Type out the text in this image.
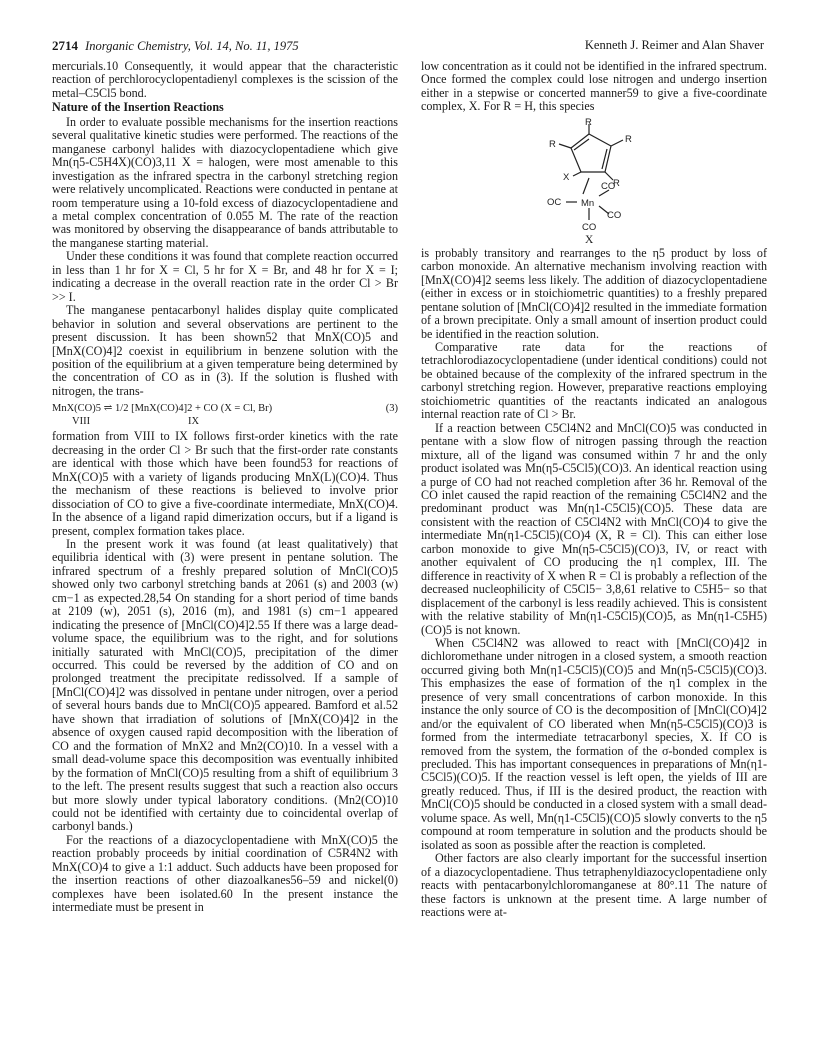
2714 Inorganic Chemistry, Vol. 14, No. 11, 1975	Kenneth J. Reimer and Alan Shaver

mercurials.10 Consequently, it would appear that the characteristic reaction of perchlorocyclopentadienyl complexes is the scission of the metal–C5Cl5 bond.

Nature of the Insertion Reactions

In order to evaluate possible mechanisms for the insertion reactions several qualitative kinetic studies were performed. The reactions of the manganese carbonyl halides with diazocyclopentadiene which give Mn(η5-C5H4X)(CO)3,11 X = halogen, were most amenable to this investigation as the infrared spectra in the carbonyl stretching region were relatively uncomplicated. Reactions were conducted in pentane at room temperature using a 10-fold excess of diazocyclopentadiene and a metal complex concentration of 0.055 M. The rate of the reaction was monitored by observing the disappearance of bands attributable to the manganese starting material.

Under these conditions it was found that complete reaction occurred in less than 1 hr for X = Cl, 5 hr for X = Br, and 48 hr for X = I; indicating a decrease in the overall reaction rate in the order Cl > Br >> I.

The manganese pentacarbonyl halides display quite complicated behavior in solution and several observations are pertinent to the present discussion. It has been shown52 that MnX(CO)5 and [MnX(CO)4]2 coexist in equilibrium in benzene solution with the position of the equilibrium at a given temperature being determined by the concentration of CO as in (3). If the solution is flushed with nitrogen, the trans-

MnX(CO)5 ⇌ 1/2 [MnX(CO)4]2 + CO (X = Cl, Br)	(3)
VIII	IX

formation from VIII to IX follows first-order kinetics with the rate decreasing in the order Cl > Br such that the first-order rate constants are identical with those which have been found53 for reactions of MnX(CO)5 with a variety of ligands producing MnX(L)(CO)4. Thus the mechanism of these reactions is believed to involve prior dissociation of CO to give a five-coordinate intermediate, MnX(CO)4. In the absence of a ligand rapid dimerization occurs, but if a ligand is present, complex formation takes place.

In the present work it was found (at least qualitatively) that equilibria identical with (3) were present in pentane solution. The infrared spectrum of a freshly prepared solution of MnCl(CO)5 showed only two carbonyl stretching bands at 2061 (s) and 2003 (w) cm−1 as expected.28,54 On standing for a short period of time bands at 2109 (w), 2051 (s), 2016 (m), and 1981 (s) cm−1 appeared indicating the presence of [MnCl(CO)4]2.55 If there was a large dead-volume space, the equilibrium was to the right, and for solutions initially saturated with MnCl(CO)5, precipitation of the dimer occurred. This could be reversed by the addition of CO and on prolonged treatment the precipitate redissolved. If a sample of [MnCl(CO)4]2 was dissolved in pentane under nitrogen, over a period of several hours bands due to MnCl(CO)5 appeared. Bamford et al.52 have shown that irradiation of solutions of [MnX(CO)4]2 in the absence of oxygen caused rapid decomposition with the liberation of CO and the formation of MnX2 and Mn2(CO)10. In a vessel with a small dead-volume space this decomposition was eventually inhibited by the formation of MnCl(CO)5 resulting from a shift of equilibrium 3 to the left. The present results suggest that such a reaction also occurs but more slowly under typical laboratory conditions. (Mn2(CO)10 could not be identified with certainty due to coincidental overlap of carbonyl bands.)

For the reactions of a diazocyclopentadiene with MnX(CO)5 the reaction probably proceeds by initial coordination of C5R4N2 with MnX(CO)4 to give a 1:1 adduct. Such adducts have been proposed for the insertion reactions of other diazoalkanes56–59 and nickel(0) complexes have been isolated.60 In the present instance the intermediate must be present in

low concentration as it could not be identified in the infrared spectrum. Once formed the complex could lose nitrogen and undergo insertion either in a stepwise or concerted manner59 to give a five-coordinate complex, X. For R = H, this species

R
R
R
R
X
Mn
OC
CO
CO
CO
X

is probably transitory and rearranges to the η5 product by loss of carbon monoxide. An alternative mechanism involving reaction with [MnX(CO)4]2 seems less likely. The addition of diazocyclopentadiene (either in excess or in stoichiometric quantities) to a freshly prepared pentane solution of [MnCl(CO)4]2 resulted in the immediate formation of a brown precipitate. Only a small amount of insertion product could be identified in the reaction solution.

Comparative rate data for the reactions of tetrachlorodiazocyclopentadiene (under identical conditions) could not be obtained because of the complexity of the infrared spectrum in the carbonyl stretching region. However, preparative reactions employing stoichiometric quantities of the reactants indicated an analogous internal reaction rate of Cl > Br.

If a reaction between C5Cl4N2 and MnCl(CO)5 was conducted in pentane with a slow flow of nitrogen passing through the reaction mixture, all of the ligand was consumed within 7 hr and the only product isolated was Mn(η5-C5Cl5)(CO)3. An identical reaction using a purge of CO had not reached completion after 36 hr. Removal of the CO inlet caused the rapid reaction of the remaining C5Cl4N2 and the predominant product was Mn(η1-C5Cl5)(CO)5. These data are consistent with the reaction of C5Cl4N2 with MnCl(CO)4 to give the intermediate Mn(η1-C5Cl5)(CO)4 (X, R = Cl). This can either lose carbon monoxide to give Mn(η5-C5Cl5)(CO)3, IV, or react with another equivalent of CO producing the η1 complex, III. The difference in reactivity of X when R = Cl is probably a reflection of the decreased nucleophilicity of C5Cl5− 3,8,61 relative to C5H5− so that displacement of the carbonyl is less readily achieved. This is consistent with the relative stability of Mn(η1-C5Cl5)(CO)5, as Mn(η1-C5H5)(CO)5 is not known.

When C5Cl4N2 was allowed to react with [MnCl(CO)4]2 in dichloromethane under nitrogen in a closed system, a smooth reaction occurred giving both Mn(η1-C5Cl5)(CO)5 and Mn(η5-C5Cl5)(CO)3. This emphasizes the ease of formation of the η1 complex in the presence of very small concentrations of carbon monoxide. In this instance the only source of CO is the decomposition of [MnCl(CO)4]2 and/or the equivalent of CO liberated when Mn(η5-C5Cl5)(CO)3 is formed from the intermediate tetracarbonyl species, X. If CO is removed from the system, the formation of the σ-bonded complex is precluded. This has important consequences in preparations of Mn(η1-C5Cl5)(CO)5. If the reaction vessel is left open, the yields of III are greatly reduced. Thus, if III is the desired product, the reaction with MnCl(CO)5 should be conducted in a closed system with a small dead-volume space. As well, Mn(η1-C5Cl5)(CO)5 slowly converts to the η5 compound at room temperature in solution and the products should be isolated as soon as possible after the reaction is completed.

Other factors are also clearly important for the successful insertion of a diazocyclopentadiene. Thus tetraphenyldiazocyclopentadiene only reacts with pentacarbonylchloromanganese at 80°.11 The nature of these factors is unknown at the present time. A large number of reactions were at-
